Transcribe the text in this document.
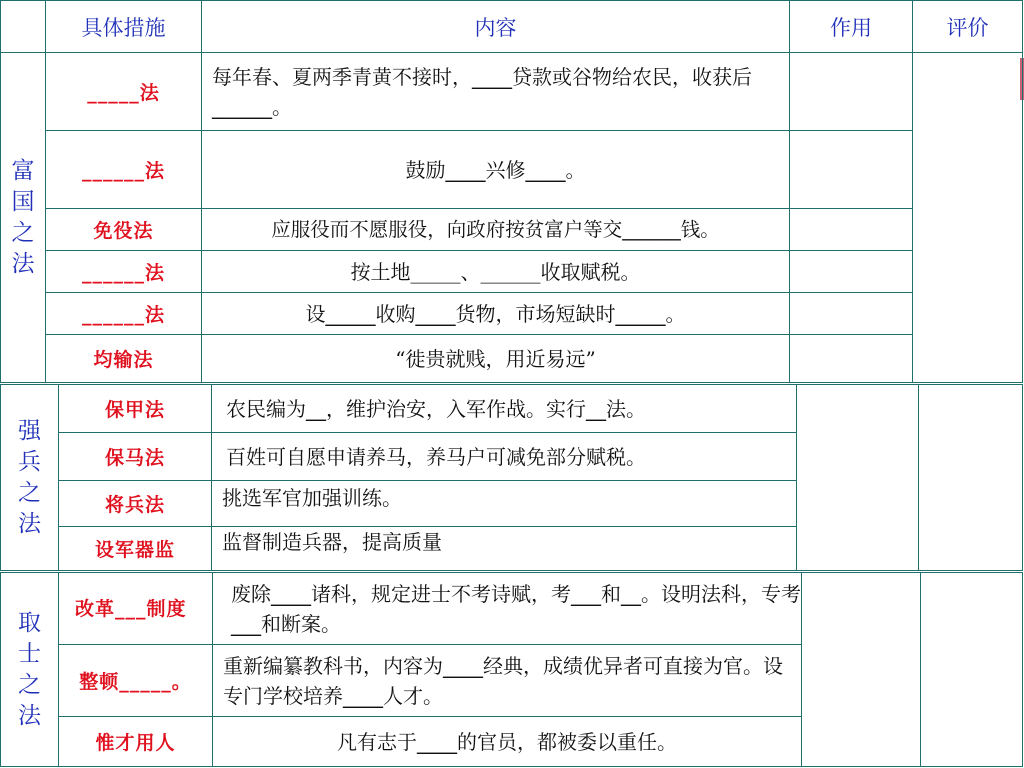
	具体措施	内容	作用	评价

富
国
之
法	_____法	每年春、夏两季青黄不接时，____贷款或谷物给农民，收获后______。		
	______法	鼓励____兴修____。		
	免役法	应服役而不愿服役，向政府按贫富户等交______钱。		
	______法	按土地_____、______收取赋税。		
	______法	设_____收购____货物，市场短缺时_____。		
	均输法	“徙贵就贱，用近易远”		
强
兵
之
法	保甲法	农民编为__，维护治安，入军作战。实行__法。		
	保马法	百姓可自愿申请养马，养马户可减免部分赋税。		
	将兵法	挑选军官加强训练。		
	设军器监	监督制造兵器，提高质量		
取
士
之
法	改革___制度	废除____诸科，规定进士不考诗赋，考___和__。设明法科，专考___和断案。		
	整顿_____。	重新编纂教科书，内容为____经典，成绩优异者可直接为官。设专门学校培养____人才。		
	惟才用人	凡有志于____的官员，都被委以重任。		
